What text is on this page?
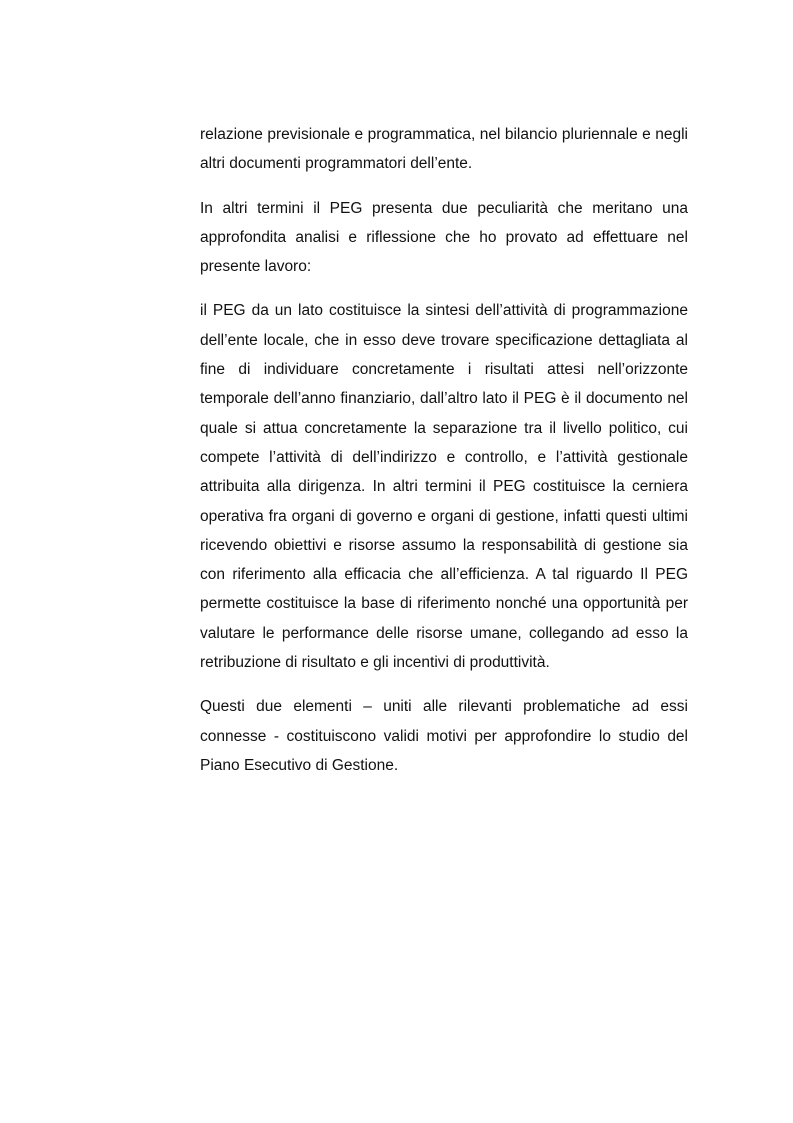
relazione previsionale e programmatica, nel bilancio pluriennale e negli altri documenti programmatori dell’ente.

In altri termini il PEG presenta due peculiarità che meritano una approfondita analisi e riflessione che ho provato ad effettuare nel presente lavoro:

il PEG da un lato costituisce la sintesi dell’attività di programmazione dell’ente locale, che in esso deve trovare specificazione dettagliata al fine di individuare concretamente i risultati attesi nell’orizzonte temporale dell’anno finanziario, dall’altro lato il PEG è il documento nel quale si attua concretamente la separazione tra il livello politico, cui compete l’attività di dell’indirizzo e controllo, e l’attività gestionale attribuita alla dirigenza. In altri termini il PEG costituisce la cerniera operativa fra organi di governo e organi di gestione, infatti questi ultimi ricevendo obiettivi e risorse assumo la responsabilità di gestione sia con riferimento alla efficacia che all’efficienza. A tal riguardo Il PEG permette costituisce la base di riferimento nonché una opportunità per valutare le performance delle risorse umane, collegando ad esso la retribuzione di risultato e gli incentivi di produttività.

Questi due elementi – uniti alle rilevanti problematiche ad essi connesse - costituiscono validi motivi per approfondire lo studio del Piano Esecutivo di Gestione.
